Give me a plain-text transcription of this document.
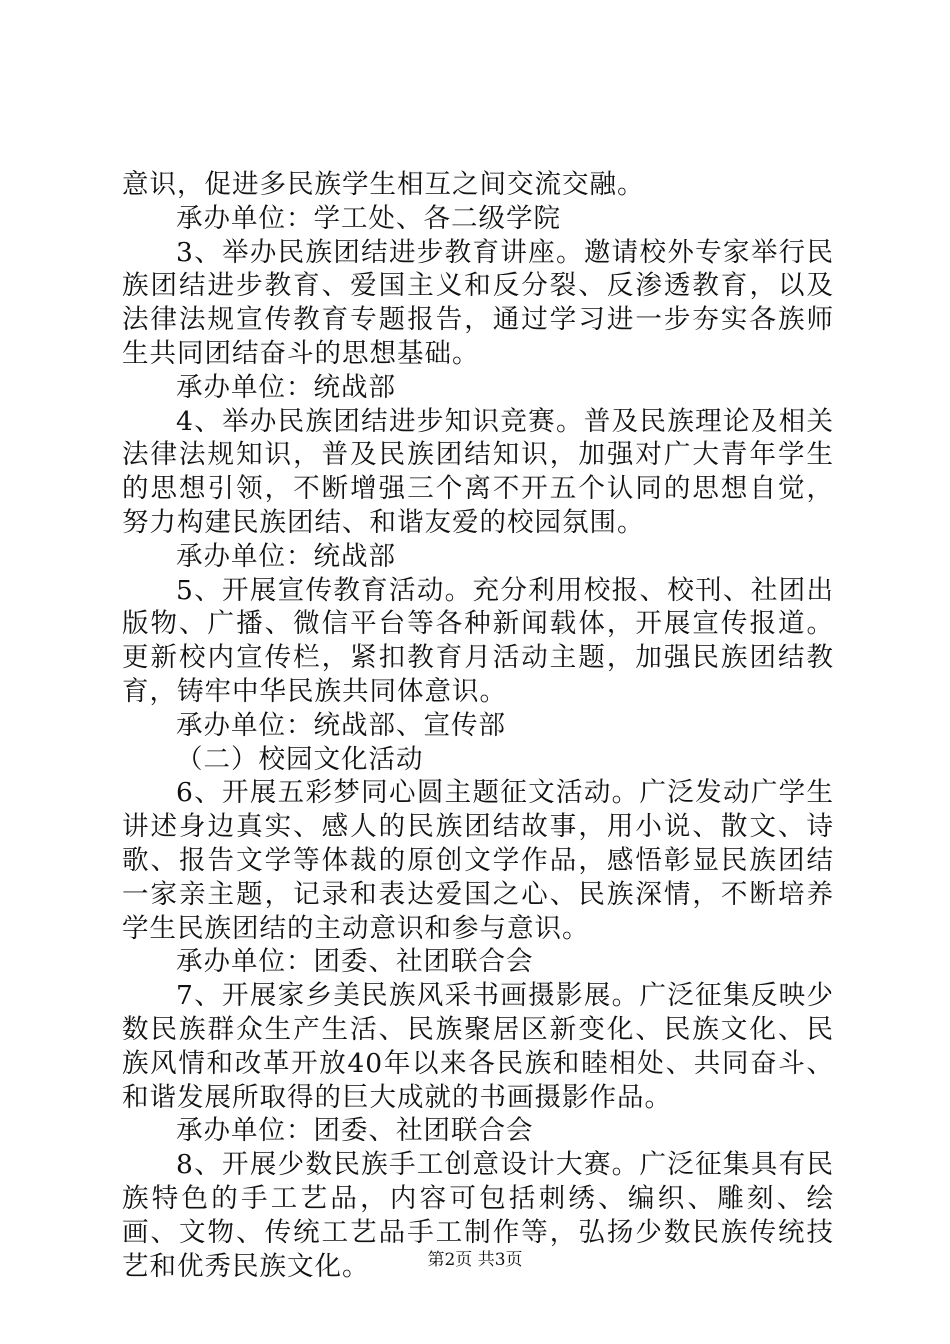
意识，促进多民族学生相互之间交流交融。

承办单位：学工处、各二级学院

3、举办民族团结进步教育讲座。邀请校外专家举行民族团结进步教育、爱国主义和反分裂、反渗透教育，以及法律法规宣传教育专题报告，通过学习进一步夯实各族师生共同团结奋斗的思想基础。

承办单位：统战部

4、举办民族团结进步知识竞赛。普及民族理论及相关法律法规知识，普及民族团结知识，加强对广大青年学生的思想引领，不断增强三个离不开五个认同的思想自觉，努力构建民族团结、和谐友爱的校园氛围。

承办单位：统战部

5、开展宣传教育活动。充分利用校报、校刊、社团出版物、广播、微信平台等各种新闻载体，开展宣传报道。更新校内宣传栏，紧扣教育月活动主题，加强民族团结教育，铸牢中华民族共同体意识。

承办单位：统战部、宣传部

（二）校园文化活动

6、开展五彩梦同心圆主题征文活动。广泛发动广学生讲述身边真实、感人的民族团结故事，用小说、散文、诗歌、报告文学等体裁的原创文学作品，感悟彰显民族团结一家亲主题，记录和表达爱国之心、民族深情，不断培养学生民族团结的主动意识和参与意识。

承办单位：团委、社团联合会

7、开展家乡美民族风采书画摄影展。广泛征集反映少数民族群众生产生活、民族聚居区新变化、民族文化、民族风情和改革开放40年以来各民族和睦相处、共同奋斗、和谐发展所取得的巨大成就的书画摄影作品。

承办单位：团委、社团联合会

8、开展少数民族手工创意设计大赛。广泛征集具有民族特色的手工艺品，内容可包括刺绣、编织、雕刻、绘画、文物、传统工艺品手工制作等，弘扬少数民族传统技艺和优秀民族文化。	第2页 共3页
